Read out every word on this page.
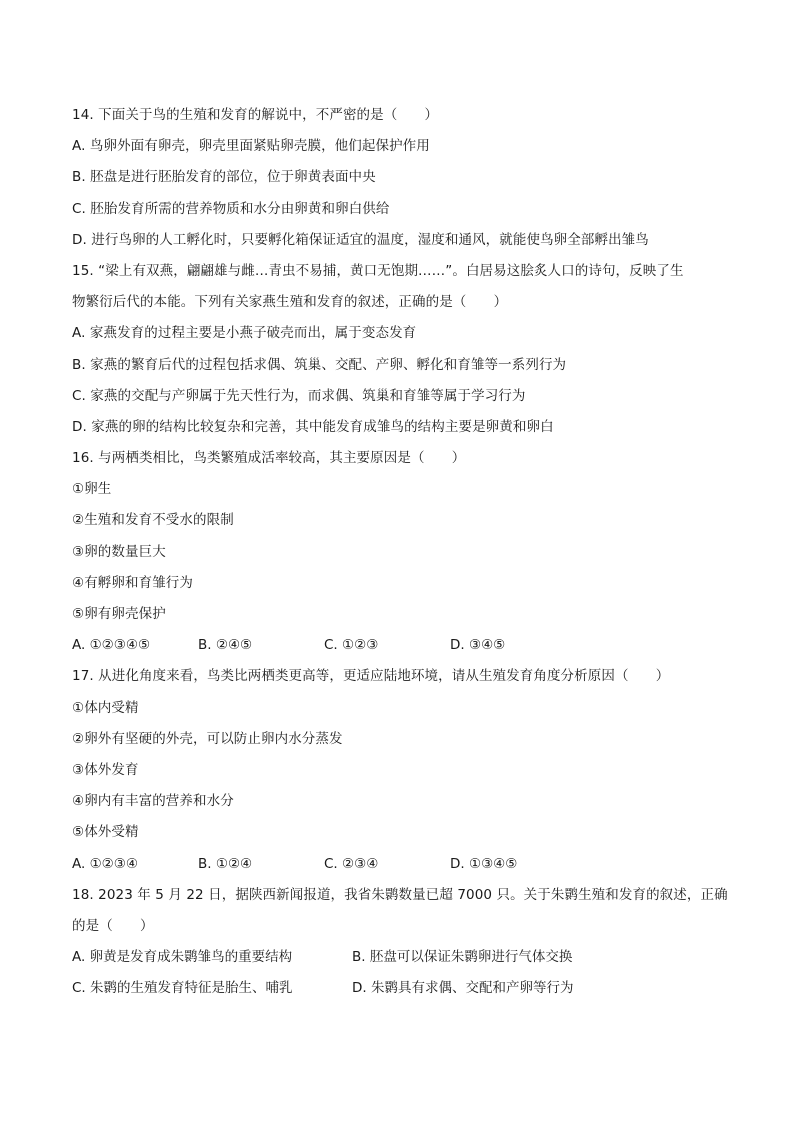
14. 下面关于鸟的生殖和发育的解说中，不严密的是（　　）
A. 鸟卵外面有卵壳，卵壳里面紧贴卵壳膜，他们起保护作用
B. 胚盘是进行胚胎发育的部位，位于卵黄表面中央
C. 胚胎发育所需的营养物质和水分由卵黄和卵白供给
D. 进行鸟卵的人工孵化时，只要孵化箱保证适宜的温度，湿度和通风，就能使鸟卵全部孵出雏鸟
15. “梁上有双燕，翩翩雄与雌…青虫不易捕，黄口无饱期……”。白居易这脍炙人口的诗句，反映了生
物繁衍后代的本能。下列有关家燕生殖和发育的叙述，正确的是（　　）
A. 家燕发育的过程主要是小燕子破壳而出，属于变态发育
B. 家燕的繁育后代的过程包括求偶、筑巢、交配、产卵、孵化和育雏等一系列行为
C. 家燕的交配与产卵属于先天性行为，而求偶、筑巢和育雏等属于学习行为
D. 家燕的卵的结构比较复杂和完善，其中能发育成雏鸟的结构主要是卵黄和卵白
16. 与两栖类相比，鸟类繁殖成活率较高，其主要原因是（　　）
①卵生
②生殖和发育不受水的限制
③卵的数量巨大
④有孵卵和育雏行为
⑤卵有卵壳保护
A. ①②③④⑤	B. ②④⑤	C. ①②③	D. ③④⑤
17. 从进化角度来看，鸟类比两栖类更高等，更适应陆地环境，请从生殖发育角度分析原因（　　）
①体内受精
②卵外有坚硬的外壳，可以防止卵内水分蒸发
③体外发育
④卵内有丰富的营养和水分
⑤体外受精
A. ①②③④	B. ①②④	C. ②③④	D. ①③④⑤
18. 2023 年 5 月 22 日，据陕西新闻报道，我省朱鹮数量已超 7000 只。关于朱鹮生殖和发育的叙述，正确
的是（　　）
A. 卵黄是发育成朱鹮雏鸟的重要结构	B. 胚盘可以保证朱鹮卵进行气体交换
C. 朱鹮的生殖发育特征是胎生、哺乳	D. 朱鹮具有求偶、交配和产卵等行为
